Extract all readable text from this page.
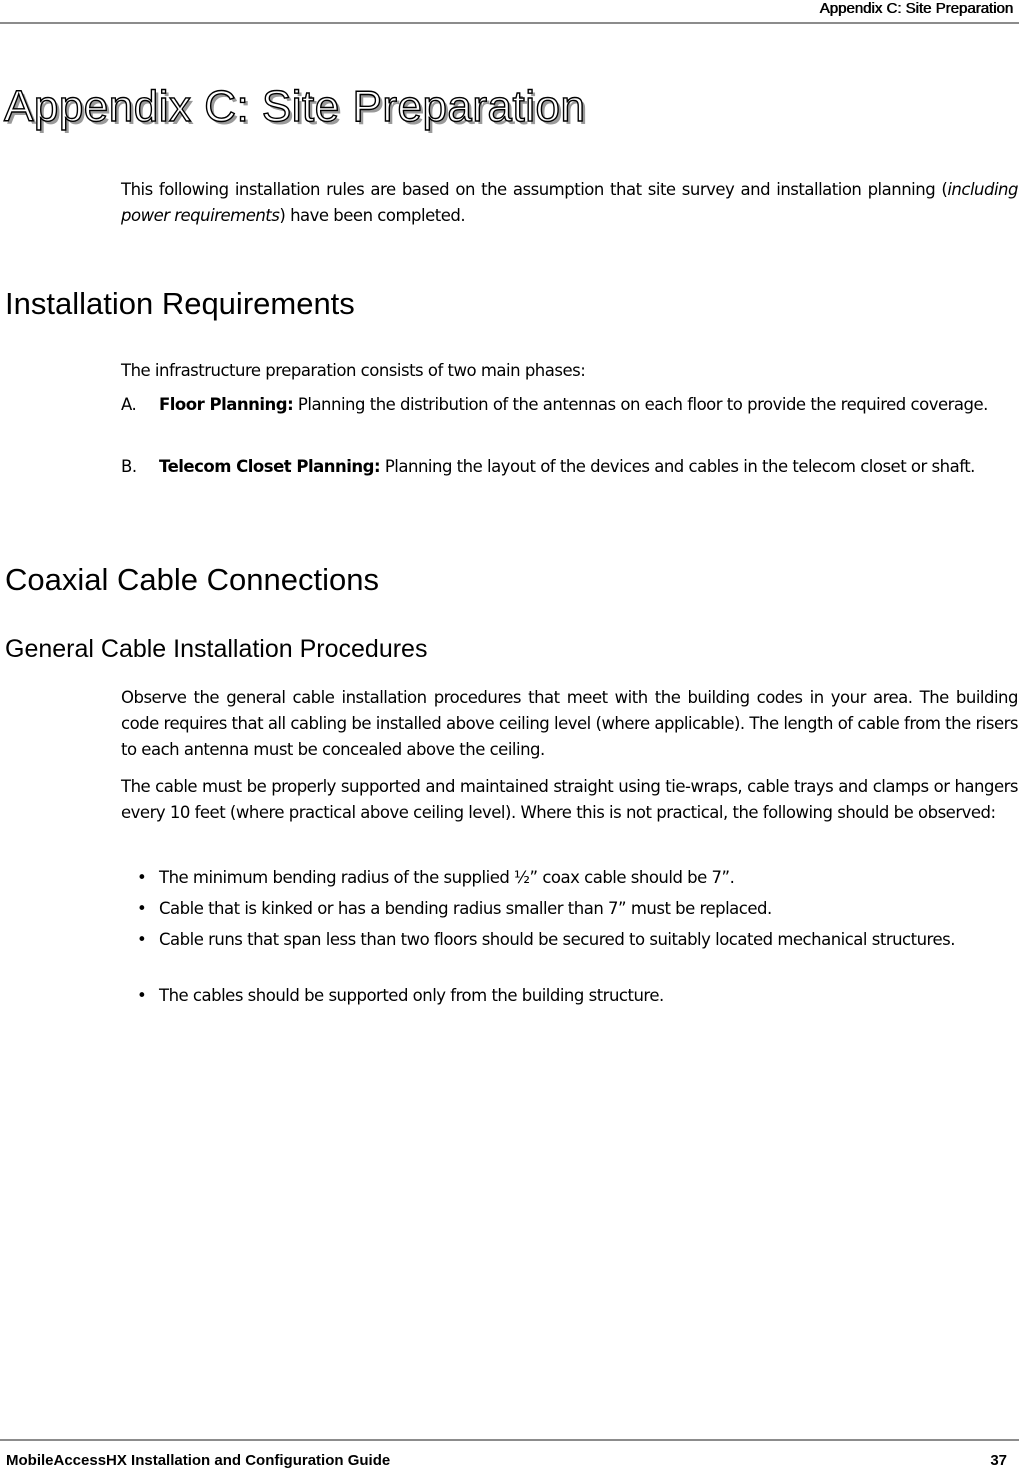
Appendix C: Site Preparation
Appendix C: Site Preparation

This following installation rules are based on the assumption that site survey and installation planning (including power requirements) have been completed.

Installation Requirements

The infrastructure preparation consists of two main phases:

A. Floor Planning: Planning the distribution of the antennas on each floor to provide the required coverage.
B. Telecom Closet Planning: Planning the layout of the devices and cables in the telecom closet or shaft.
Coaxial Cable Connections
General Cable Installation Procedures

Observe the general cable installation procedures that meet with the building codes in your area. The building code requires that all cabling be installed above ceiling level (where applicable). The length of cable from the risers to each antenna must be concealed above the ceiling.

The cable must be properly supported and maintained straight using tie-wraps, cable trays and clamps or hangers every 10 feet (where practical above ceiling level). Where this is not practical, the following should be observed:

• The minimum bending radius of the supplied ½” coax cable should be 7”.
• Cable that is kinked or has a bending radius smaller than 7” must be replaced.
• Cable runs that span less than two floors should be secured to suitably located mechanical structures.
• The cables should be supported only from the building structure.
MobileAccessHX Installation and Configuration Guide	37
